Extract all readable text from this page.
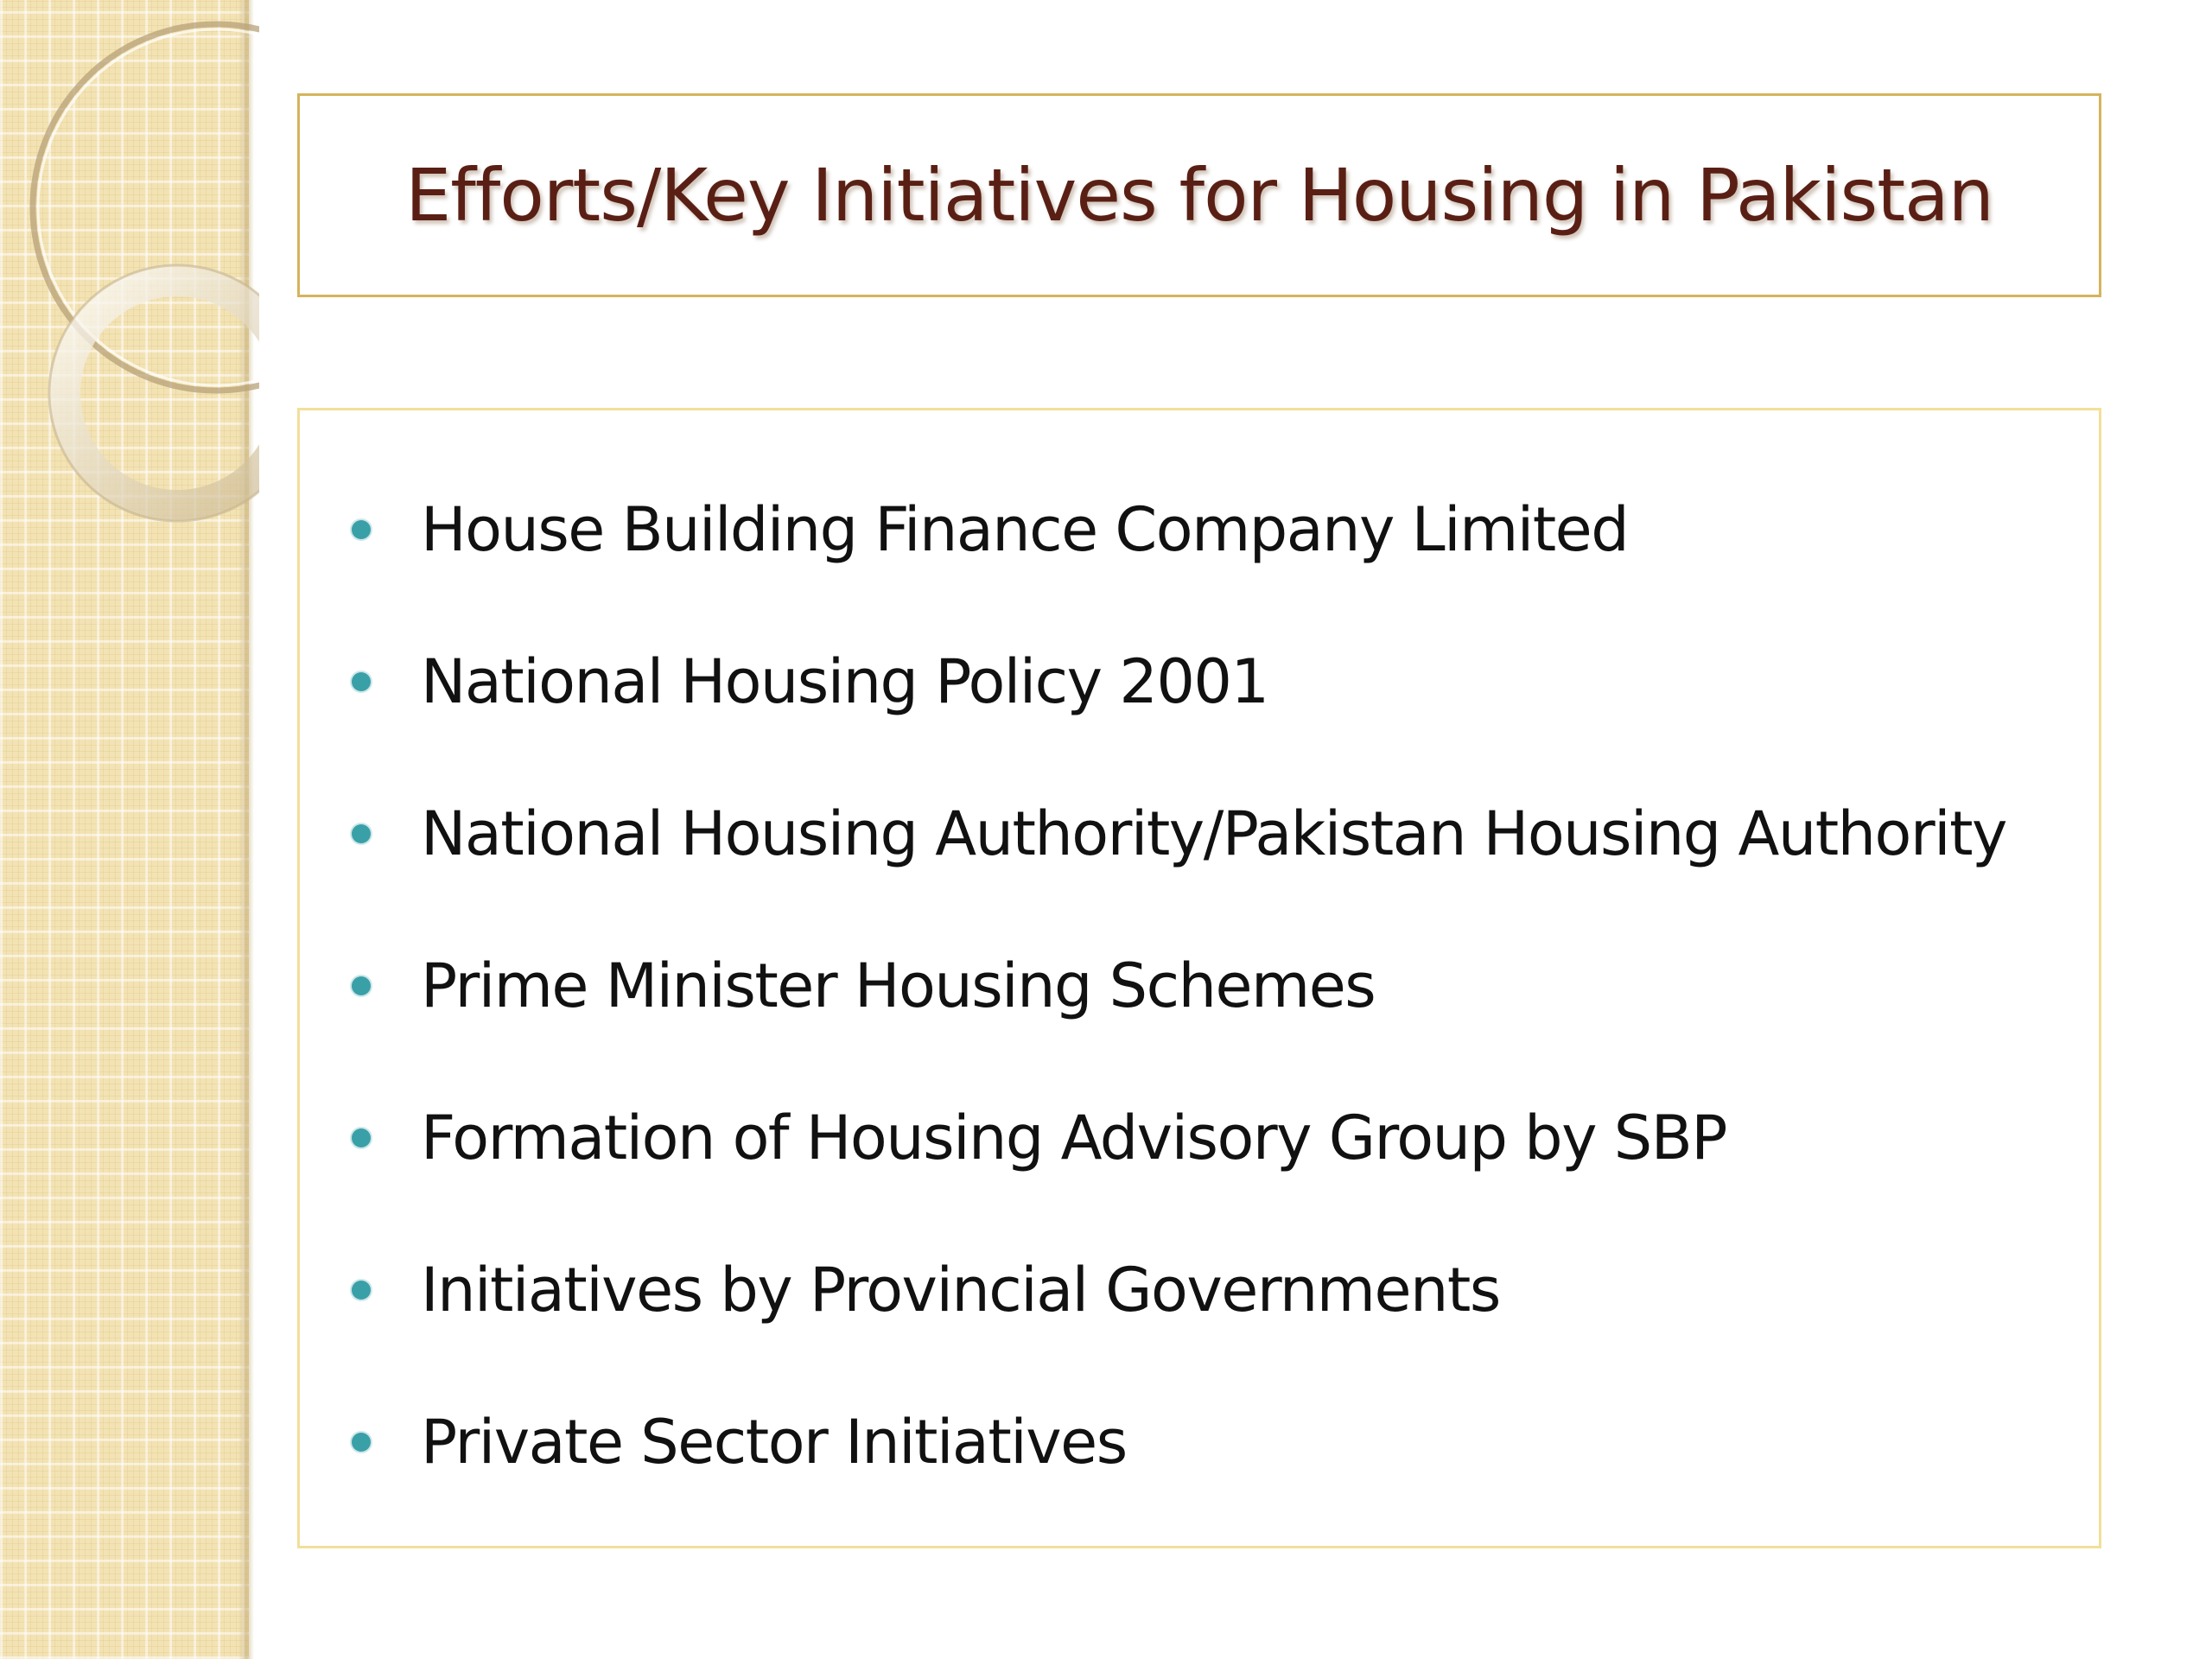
Efforts/Key Initiatives for Housing in Pakistan
House Building Finance Company Limited
National Housing Policy 2001
National Housing Authority/Pakistan Housing Authority
Prime Minister Housing Schemes
Formation of Housing Advisory Group by SBP
Initiatives by Provincial Governments
Private Sector Initiatives
